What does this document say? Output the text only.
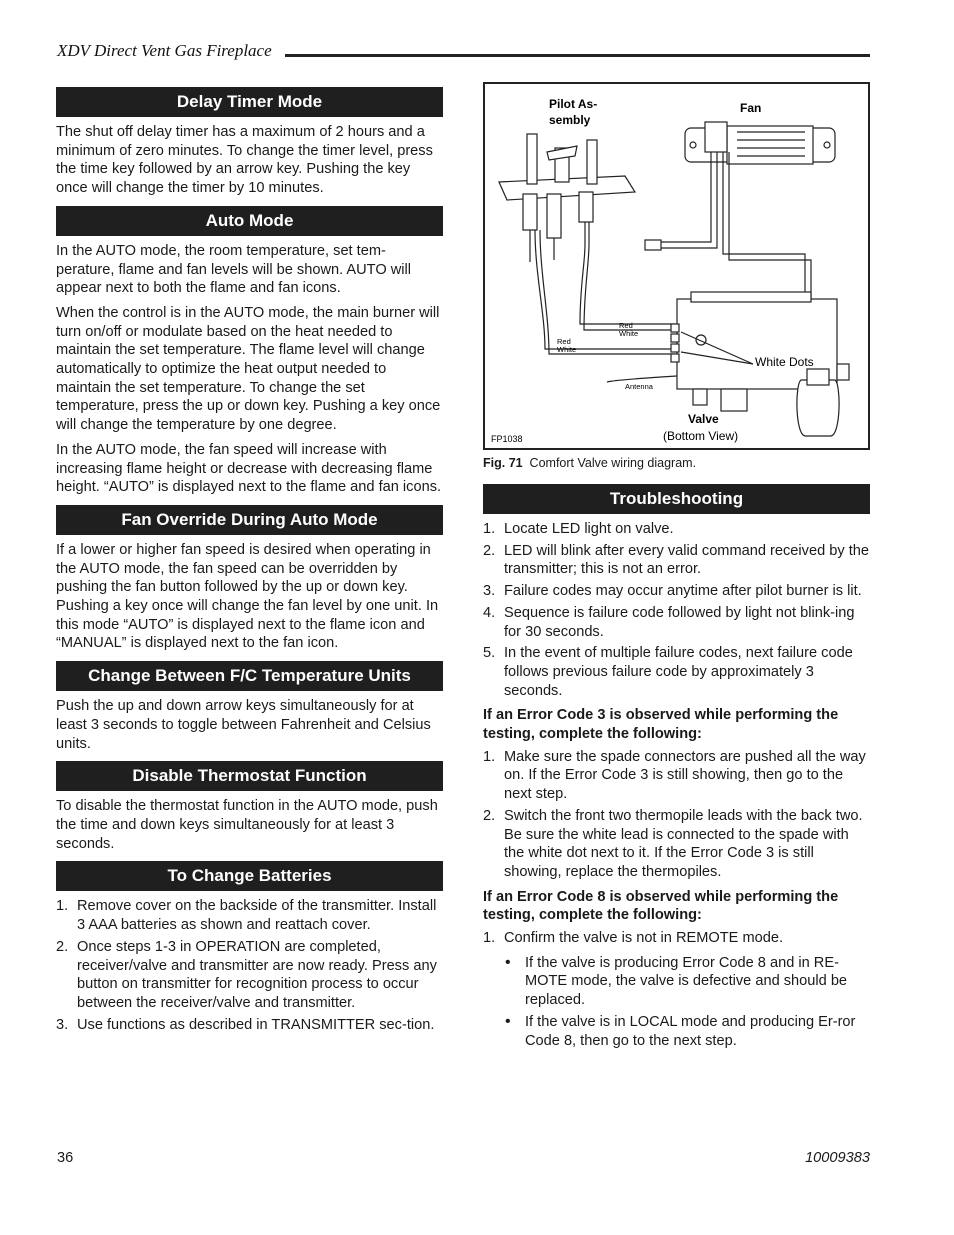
XDV Direct Vent Gas Fireplace
Delay Timer Mode

The shut off delay timer has a maximum of 2 hours and a minimum of zero minutes. To change the timer level, press the time key followed by an arrow key. Pushing the key once will change the timer by 10 minutes.

Auto Mode

In the AUTO mode, the room temperature, set tem-perature, flame and fan levels will be shown. AUTO will appear next to both the flame and fan icons.

When the control is in the AUTO mode, the main burner will turn on/off or modulate based on the heat needed to maintain the set temperature. The flame level will change automatically to optimize the heat output needed to maintain the set temperature. To change the set temperature, press the up or down key. Pushing a key once will change the temperature by one degree.

In the AUTO mode, the fan speed will increase with increasing flame height or decrease with decreasing flame height. “AUTO” is displayed next to the flame and fan icons.

Fan Override During Auto Mode

If a lower or higher fan speed is desired when operating in the AUTO mode, the fan speed can be overridden by pushing the fan button followed by the up or down key. Pushing a key once will change the fan level by one unit. In this mode “AUTO” is displayed next to the flame icon and “MANUAL” is displayed next to the fan icon.

Change Between F/C Temperature Units

Push the up and down arrow keys simultaneously for at least 3 seconds to toggle between Fahrenheit and Celsius units.

Disable Thermostat Function

To disable the thermostat function in the AUTO mode, push the time and down keys simultaneously for at least 3 seconds.

To Change Batteries
1. Remove cover on the backside of the transmitter. Install 3 AAA batteries as shown and reattach cover.
2. Once steps 1-3 in OPERATION are completed, receiver/valve and transmitter are now ready. Press any button on transmitter for recognition process to occur between the receiver/valve and transmitter.
3. Use functions as described in TRANSMITTER sec-tion.
Pilot As-
sembly
Fan
Red
White
Red
White
Antenna
White Dots
Valve
(Bottom View)
FP1038

Fig. 71 Comfort Valve wiring diagram.

Troubleshooting
1. Locate LED light on valve.
2. LED will blink after every valid command received by the transmitter; this is not an error.
3. Failure codes may occur anytime after pilot burner is lit.
4. Sequence is failure code followed by light not blink-ing for 30 seconds.
5. In the event of multiple failure codes, next failure code follows previous failure code by approximately 3 seconds.

If an Error Code 3 is observed while performing the testing, complete the following:

1. Make sure the spade connectors are pushed all the way on. If the Error Code 3 is still showing, then go to the next step.
2. Switch the front two thermopile leads with the back two. Be sure the white lead is connected to the spade with the white dot next to it. If the Error Code 3 is still showing, replace the thermopiles.

If an Error Code 8 is observed while performing the testing, complete the following:

1. Confirm the valve is not in REMOTE mode.
• If the valve is producing Error Code 8 and in RE-MOTE mode, the valve is defective and should be replaced.
• If the valve is in LOCAL mode and producing Er-ror Code 8, then go to the next step.
36	10009383
